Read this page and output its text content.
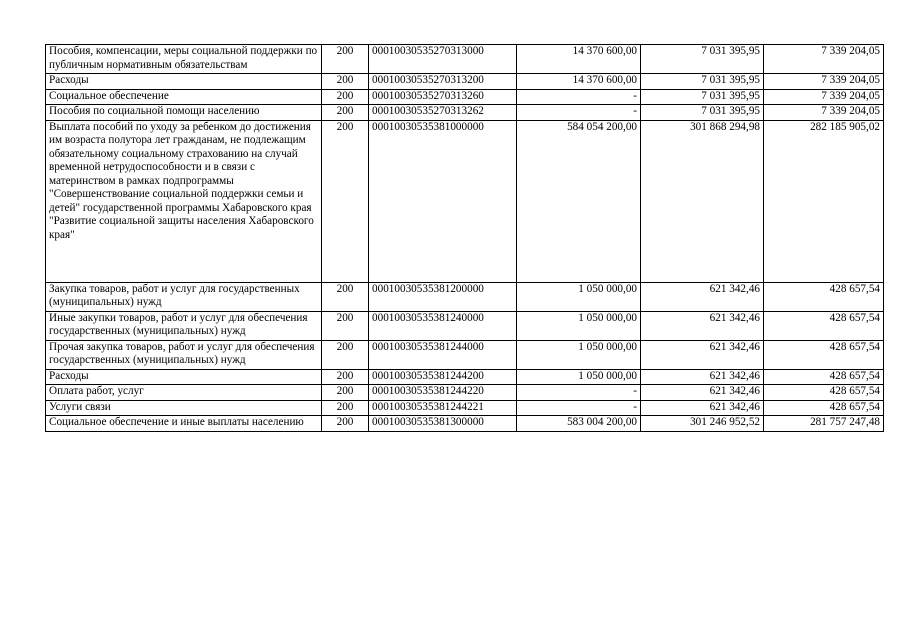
Пособия, компенсации, меры социальной поддержки по публичным нормативным обязательствам	200	00010030535270313000	14 370 600,00	7 031 395,95	7 339 204,05
Расходы	200	00010030535270313200	14 370 600,00	7 031 395,95	7 339 204,05
Социальное обеспечение	200	00010030535270313260	-	7 031 395,95	7 339 204,05
Пособия по социальной помощи населению	200	00010030535270313262	-	7 031 395,95	7 339 204,05
Выплата пособий по уходу за ребенком до достижения им возраста полутора лет гражданам, не подлежащим обязательному социальному страхованию на случай временной нетрудоспособности и в связи с материнством в рамках подпрограммы "Совершенствование социальной поддержки семьи и детей" государственной программы Хабаровского края "Развитие социальной защиты населения Хабаровского края"	200	00010030535381000000	584 054 200,00	301 868 294,98	282 185 905,02
Закупка товаров, работ и услуг для государственных (муниципальных) нужд	200	00010030535381200000	1 050 000,00	621 342,46	428 657,54
Иные закупки товаров, работ и услуг для обеспечения государственных (муниципальных) нужд	200	00010030535381240000	1 050 000,00	621 342,46	428 657,54
Прочая закупка товаров, работ и услуг для обеспечения государственных (муниципальных) нужд	200	00010030535381244000	1 050 000,00	621 342,46	428 657,54
Расходы	200	00010030535381244200	1 050 000,00	621 342,46	428 657,54
Оплата работ, услуг	200	00010030535381244220	-	621 342,46	428 657,54
Услуги связи	200	00010030535381244221	-	621 342,46	428 657,54
Социальное обеспечение и иные выплаты населению	200	00010030535381300000	583 004 200,00	301 246 952,52	281 757 247,48
